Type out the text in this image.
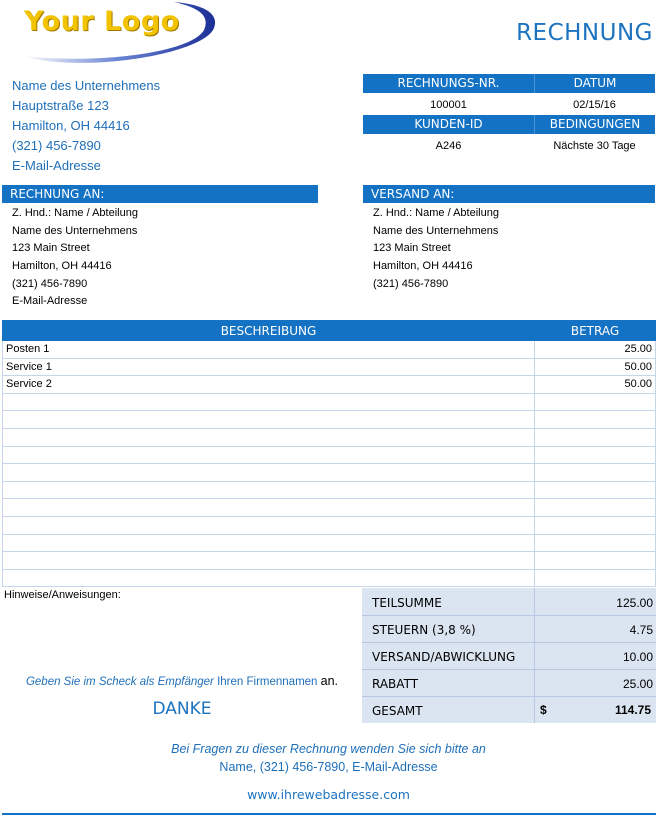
Your Logo	RECHNUNG
Name des Unternehmens
Hauptstraße 123
Hamilton, OH 44416
(321) 456-7890
E-Mail-Adresse
RECHNUNGS-NR.	DATUM
100001	02/15/16
KUNDEN-ID	BEDINGUNGEN
A246	Nächste 30 Tage
RECHNUNG AN:
Z. Hnd.: Name / Abteilung
Name des Unternehmens
123 Main Street
Hamilton, OH 44416
(321) 456-7890
E-Mail-Adresse
VERSAND AN:
Z. Hnd.: Name / Abteilung
Name des Unternehmens
123 Main Street
Hamilton, OH 44416
(321) 456-7890
BESCHREIBUNG	BETRAG
Posten 1	25.00
Service 1	50.00
Service 2	50.00

Hinweise/Anweisungen:
Geben Sie im Scheck als Empfänger Ihren Firmennamen an.
DANKE
TEILSUMME	125.00
STEUERN (3,8 %)	4.75
VERSAND/ABWICKLUNG	10.00
RABATT	25.00
GESAMT	$	114.75
Bei Fragen zu dieser Rechnung wenden Sie sich bitte an
Name, (321) 456-7890, E-Mail-Adresse
www.ihrewebadresse.com
